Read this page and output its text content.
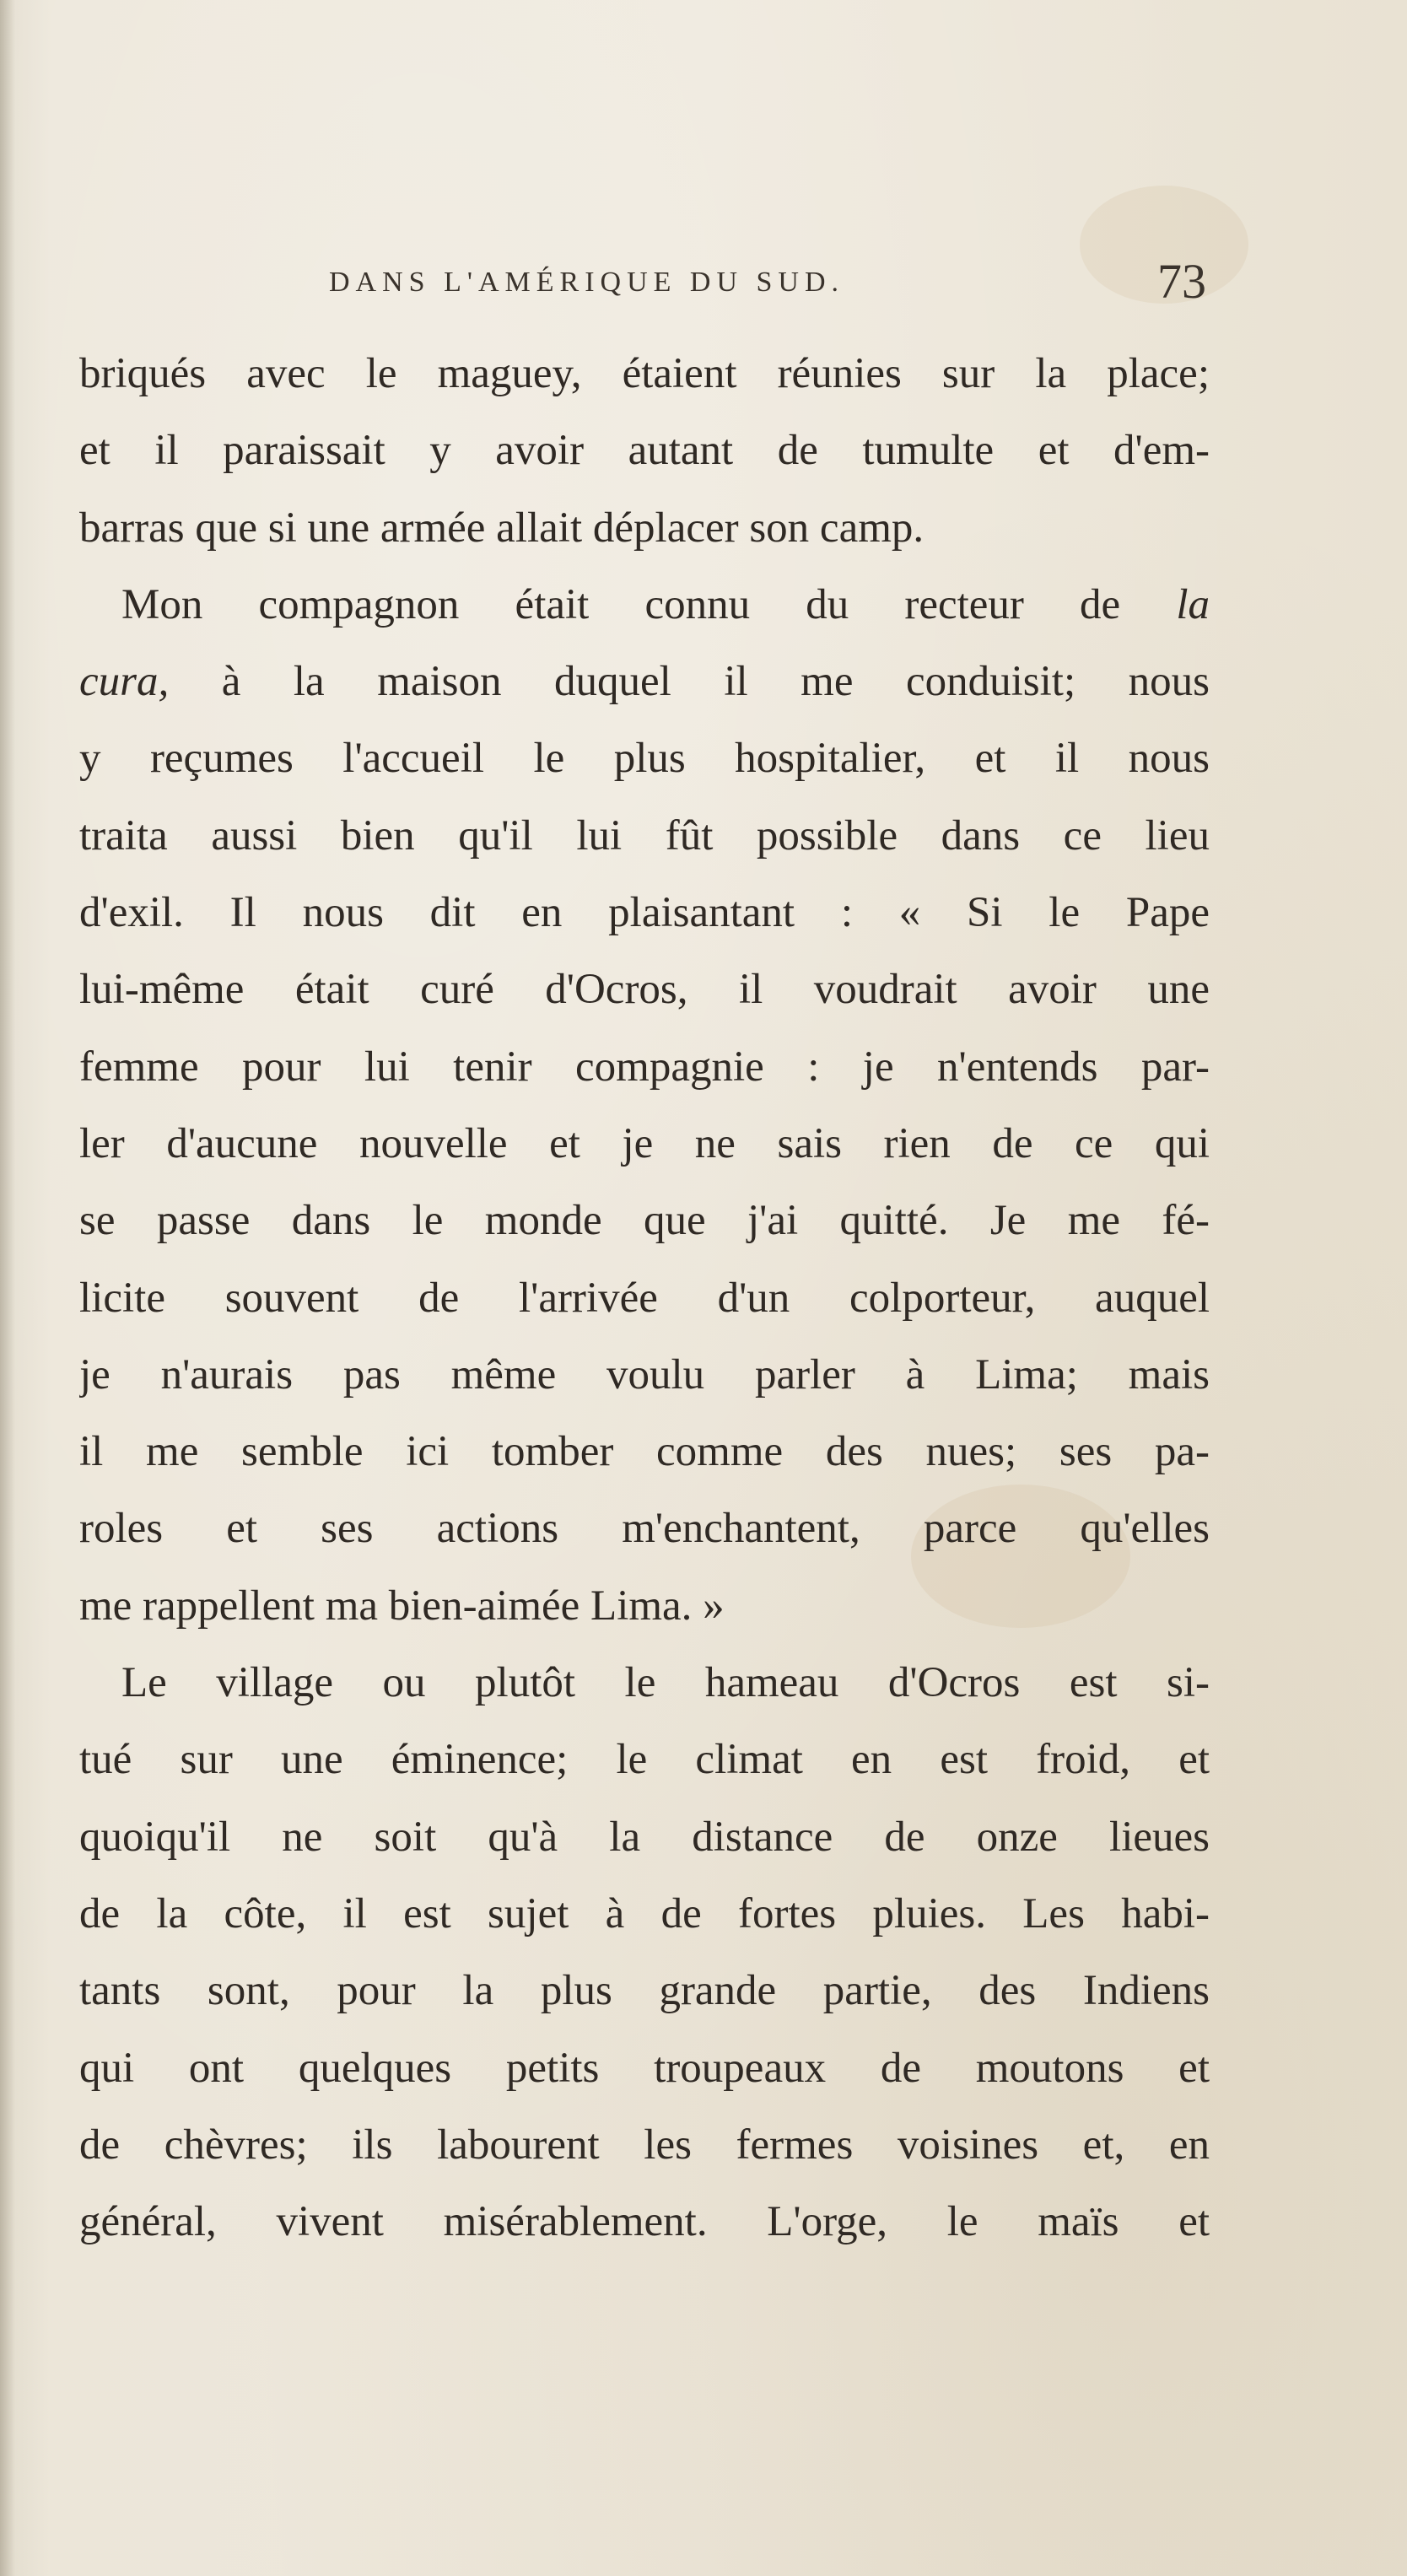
DANS L'AMÉRIQUE DU SUD.	73
briqués avec le maguey, étaient réunies sur la place;
et il paraissait y avoir autant de tumulte et d'em-
barras que si une armée allait déplacer son camp.
Mon compagnon était connu du recteur de la
cura, à la maison duquel il me conduisit; nous
y reçumes l'accueil le plus hospitalier, et il nous
traita aussi bien qu'il lui fût possible dans ce lieu
d'exil. Il nous dit en plaisantant : « Si le Pape
lui-même était curé d'Ocros, il voudrait avoir une
femme pour lui tenir compagnie : je n'entends par-
ler d'aucune nouvelle et je ne sais rien de ce qui
se passe dans le monde que j'ai quitté. Je me fé-
licite souvent de l'arrivée d'un colporteur, auquel
je n'aurais pas même voulu parler à Lima; mais
il me semble ici tomber comme des nues; ses pa-
roles et ses actions m'enchantent, parce qu'elles
me rappellent ma bien-aimée Lima. »
Le village ou plutôt le hameau d'Ocros est si-
tué sur une éminence; le climat en est froid, et
quoiqu'il ne soit qu'à la distance de onze lieues
de la côte, il est sujet à de fortes pluies. Les habi-
tants sont, pour la plus grande partie, des Indiens
qui ont quelques petits troupeaux de moutons et
de chèvres; ils labourent les fermes voisines et, en
général, vivent misérablement. L'orge, le maïs et
